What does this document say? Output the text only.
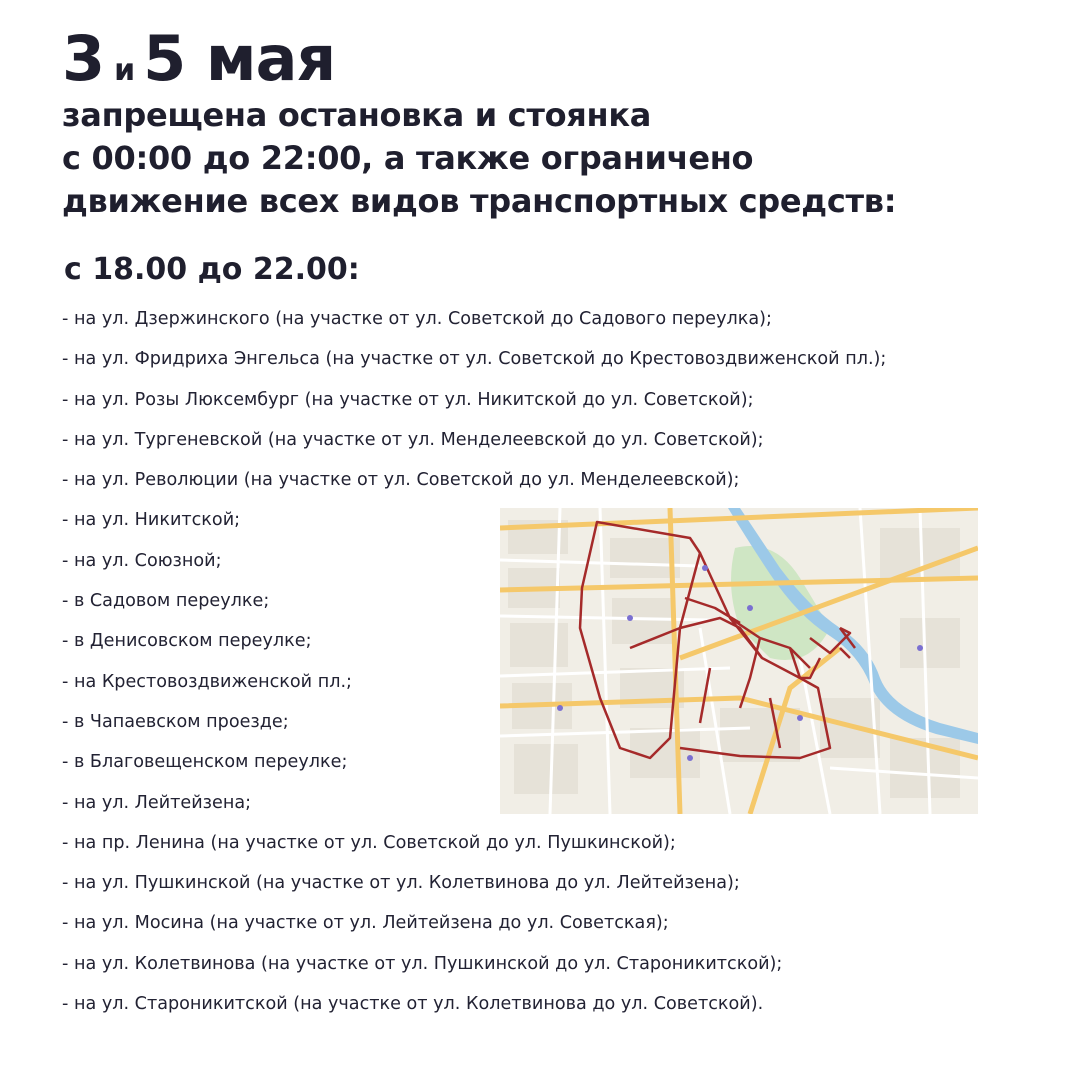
3 и 5 мая
запрещена остановка и стоянка
с 00:00 до 22:00, а также ограничено
движение всех видов транспортных средств:
с 18.00 до 22.00:
- на ул. Дзержинского (на участке от ул. Советской до Садового переулка);
- на ул. Фридриха Энгельса (на участке от ул. Советской до Крестовоздвиженской пл.);
- на ул. Розы Люксембург (на участке от ул. Никитской до ул. Советской);
- на ул. Тургеневской (на участке от ул. Менделеевской до ул. Советской);
- на ул. Революции (на участке от ул. Советской до ул. Менделеевской);
- на ул. Никитской;
- на ул. Союзной;
- в Садовом переулке;
- в Денисовском переулке;
- на Крестовоздвиженской пл.;
- в Чапаевском проезде;
- в Благовещенском переулке;
- на ул. Лейтейзена;
- на пр. Ленина (на участке от ул. Советской до ул. Пушкинской);
- на ул. Пушкинской (на участке от ул. Колетвинова до ул. Лейтейзена);
- на ул. Мосина (на участке от ул. Лейтейзена до ул. Советская);
- на ул. Колетвинова (на участке от ул. Пушкинской до ул. Староникитской);
- на ул. Староникитской (на участке от ул. Колетвинова до ул. Советской).
